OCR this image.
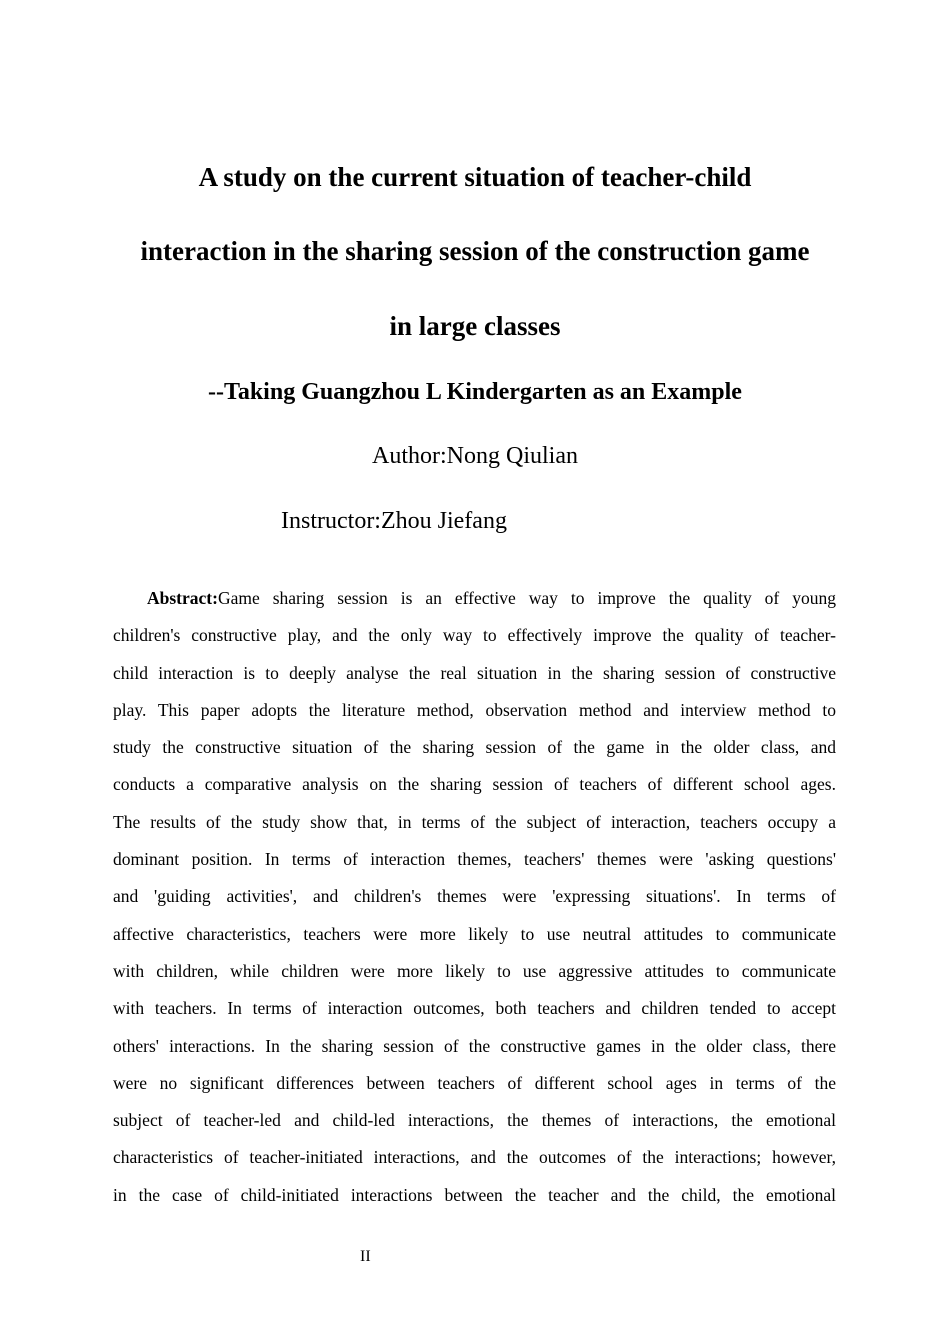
A study on the current situation of teacher-child
interaction in the sharing session of the construction game
in large classes
--Taking Guangzhou L Kindergarten as an Example
Author:Nong Qiulian
Instructor:Zhou Jiefang
Abstract:Game sharing session is an effective way to improve the quality of young
children's constructive play, and the only way to effectively improve the quality of teacher-
child interaction is to deeply analyse the real situation in the sharing session of constructive
play. This paper adopts the literature method, observation method and interview method to
study the constructive situation of the sharing session of the game in the older class, and
conducts a comparative analysis on the sharing session of teachers of different school ages.
The results of the study show that, in terms of the subject of interaction, teachers occupy a
dominant position. In terms of interaction themes, teachers' themes were 'asking questions'
and 'guiding activities', and children's themes were 'expressing situations'. In terms of
affective characteristics, teachers were more likely to use neutral attitudes to communicate
with children, while children were more likely to use aggressive attitudes to communicate
with teachers. In terms of interaction outcomes, both teachers and children tended to accept
others' interactions. In the sharing session of the constructive games in the older class, there
were no significant differences between teachers of different school ages in terms of the
subject of teacher-led and child-led interactions, the themes of interactions, the emotional
characteristics of teacher-initiated interactions, and the outcomes of the interactions; however,
in the case of child-initiated interactions between the teacher and the child, the emotional
II
